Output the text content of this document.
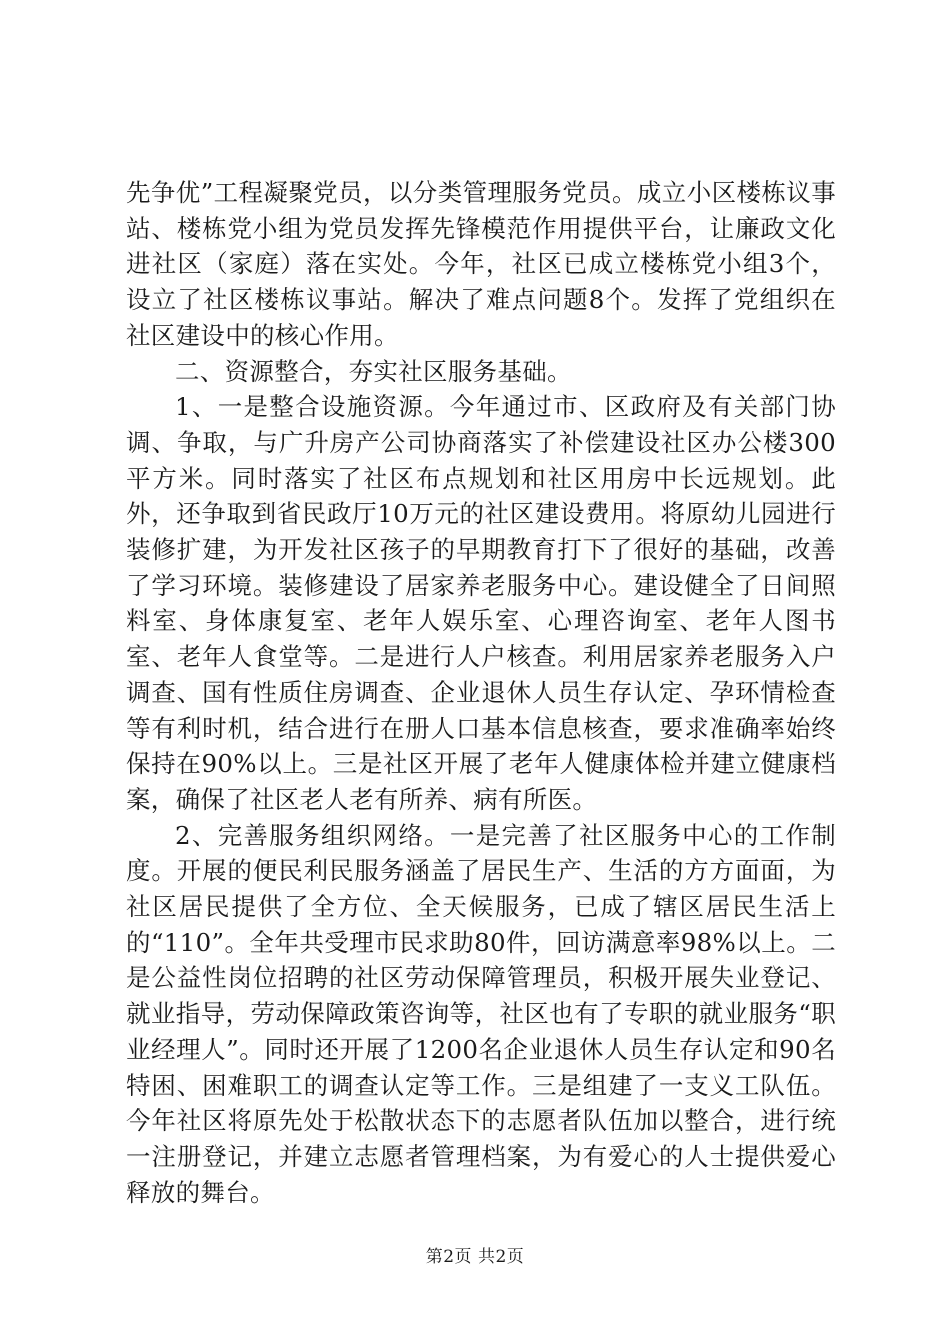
先争优”工程凝聚党员，以分类管理服务党员。成立小区楼栋议事站、楼栋党小组为党员发挥先锋模范作用提供平台，让廉政文化进社区（家庭）落在实处。今年，社区已成立楼栋党小组3个，设立了社区楼栋议事站。解决了难点问题8个。发挥了党组织在社区建设中的核心作用。

二、资源整合，夯实社区服务基础。

1、一是整合设施资源。今年通过市、区政府及有关部门协调、争取，与广升房产公司协商落实了补偿建设社区办公楼300平方米。同时落实了社区布点规划和社区用房中长远规划。此外，还争取到省民政厅10万元的社区建设费用。将原幼儿园进行装修扩建，为开发社区孩子的早期教育打下了很好的基础，改善了学习环境。装修建设了居家养老服务中心。建设健全了日间照料室、身体康复室、老年人娱乐室、心理咨询室、老年人图书室、老年人食堂等。二是进行人户核查。利用居家养老服务入户调查、国有性质住房调查、企业退休人员生存认定、孕环情检查等有利时机，结合进行在册人口基本信息核查，要求准确率始终保持在90%以上。三是社区开展了老年人健康体检并建立健康档案，确保了社区老人老有所养、病有所医。

2、完善服务组织网络。一是完善了社区服务中心的工作制度。开展的便民利民服务涵盖了居民生产、生活的方方面面，为社区居民提供了全方位、全天候服务，已成了辖区居民生活上的“110”。全年共受理市民求助80件，回访满意率98%以上。二是公益性岗位招聘的社区劳动保障管理员，积极开展失业登记、就业指导，劳动保障政策咨询等，社区也有了专职的就业服务“职业经理人”。同时还开展了1200名企业退休人员生存认定和90名特困、困难职工的调查认定等工作。三是组建了一支义工队伍。今年社区将原先处于松散状态下的志愿者队伍加以整合，进行统一注册登记，并建立志愿者管理档案，为有爱心的人士提供爱心释放的舞台。

第2页 共2页
